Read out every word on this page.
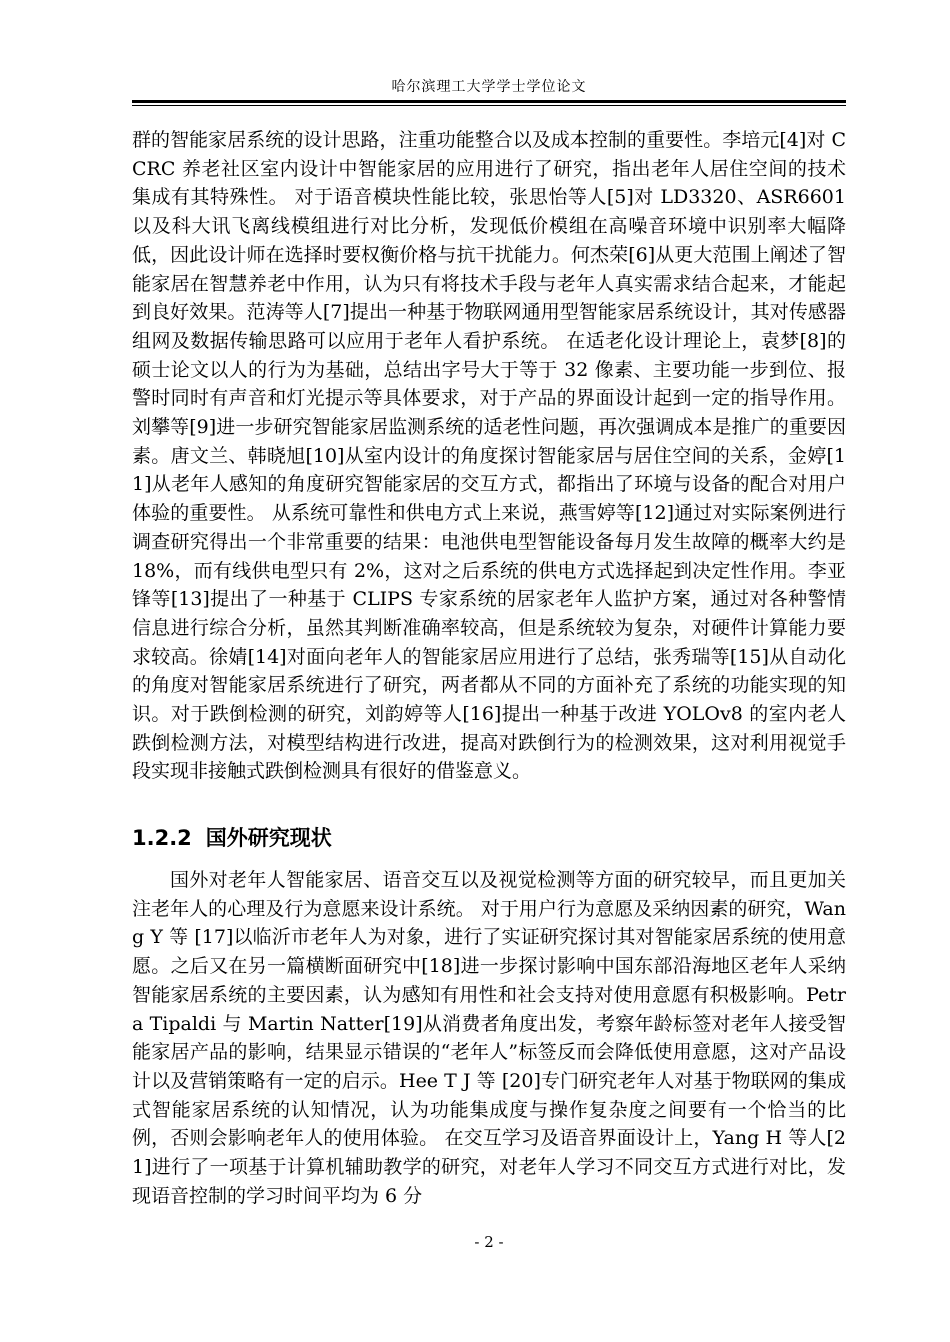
哈尔滨理工大学学士学位论文

群的智能家居系统的设计思路，注重功能整合以及成本控制的重要性。李培元[4]对 CCRC 养老社区室内设计中智能家居的应用进行了研究，指出老年人居住空间的技术集成有其特殊性。 对于语音模块性能比较，张思怡等人[5]对 LD3320、ASR6601 以及科大讯飞离线模组进行对比分析，发现低价模组在高噪音环境中识别率大幅降低，因此设计师在选择时要权衡价格与抗干扰能力。何杰荣[6]从更大范围上阐述了智能家居在智慧养老中作用，认为只有将技术手段与老年人真实需求结合起来，才能起到良好效果。范涛等人[7]提出一种基于物联网通用型智能家居系统设计，其对传感器组网及数据传输思路可以应用于老年人看护系统。 在适老化设计理论上，袁梦[8]的硕士论文以人的行为为基础，总结出字号大于等于 32 像素、主要功能一步到位、报警时同时有声音和灯光提示等具体要求，对于产品的界面设计起到一定的指导作用。刘攀等[9]进一步研究智能家居监测系统的适老性问题，再次强调成本是推广的重要因素。唐文兰、韩晓旭[10]从室内设计的角度探讨智能家居与居住空间的关系，金婷[11]从老年人感知的角度研究智能家居的交互方式，都指出了环境与设备的配合对用户体验的重要性。 从系统可靠性和供电方式上来说，燕雪婷等[12]通过对实际案例进行调查研究得出一个非常重要的结果：电池供电型智能设备每月发生故障的概率大约是 18%，而有线供电型只有 2%，这对之后系统的供电方式选择起到决定性作用。李亚锋等[13]提出了一种基于 CLIPS 专家系统的居家老年人监护方案，通过对各种警情信息进行综合分析，虽然其判断准确率较高，但是系统较为复杂，对硬件计算能力要求较高。徐婧[14]对面向老年人的智能家居应用进行了总结，张秀瑞等[15]从自动化的角度对智能家居系统进行了研究，两者都从不同的方面补充了系统的功能实现的知识。对于跌倒检测的研究，刘韵婷等人[16]提出一种基于改进 YOLOv8 的室内老人跌倒检测方法，对模型结构进行改进，提高对跌倒行为的检测效果，这对利用视觉手段实现非接触式跌倒检测具有很好的借鉴意义。

1.2.2 国外研究现状

国外对老年人智能家居、语音交互以及视觉检测等方面的研究较早，而且更加关注老年人的心理及行为意愿来设计系统。 对于用户行为意愿及采纳因素的研究，Wang Y 等 [17]以临沂市老年人为对象，进行了实证研究探讨其对智能家居系统的使用意愿。之后又在另一篇横断面研究中[18]进一步探讨影响中国东部沿海地区老年人采纳智能家居系统的主要因素，认为感知有用性和社会支持对使用意愿有积极影响。Petra Tipaldi 与 Martin Natter[19]从消费者角度出发，考察年龄标签对老年人接受智能家居产品的影响，结果显示错误的“老年人”标签反而会降低使用意愿，这对产品设计以及营销策略有一定的启示。Hee T J 等 [20]专门研究老年人对基于物联网的集成式智能家居系统的认知情况，认为功能集成度与操作复杂度之间要有一个恰当的比例，否则会影响老年人的使用体验。 在交互学习及语音界面设计上，Yang H 等人[21]进行了一项基于计算机辅助教学的研究，对老年人学习不同交互方式进行对比，发现语音控制的学习时间平均为 6 分

- 2 -
